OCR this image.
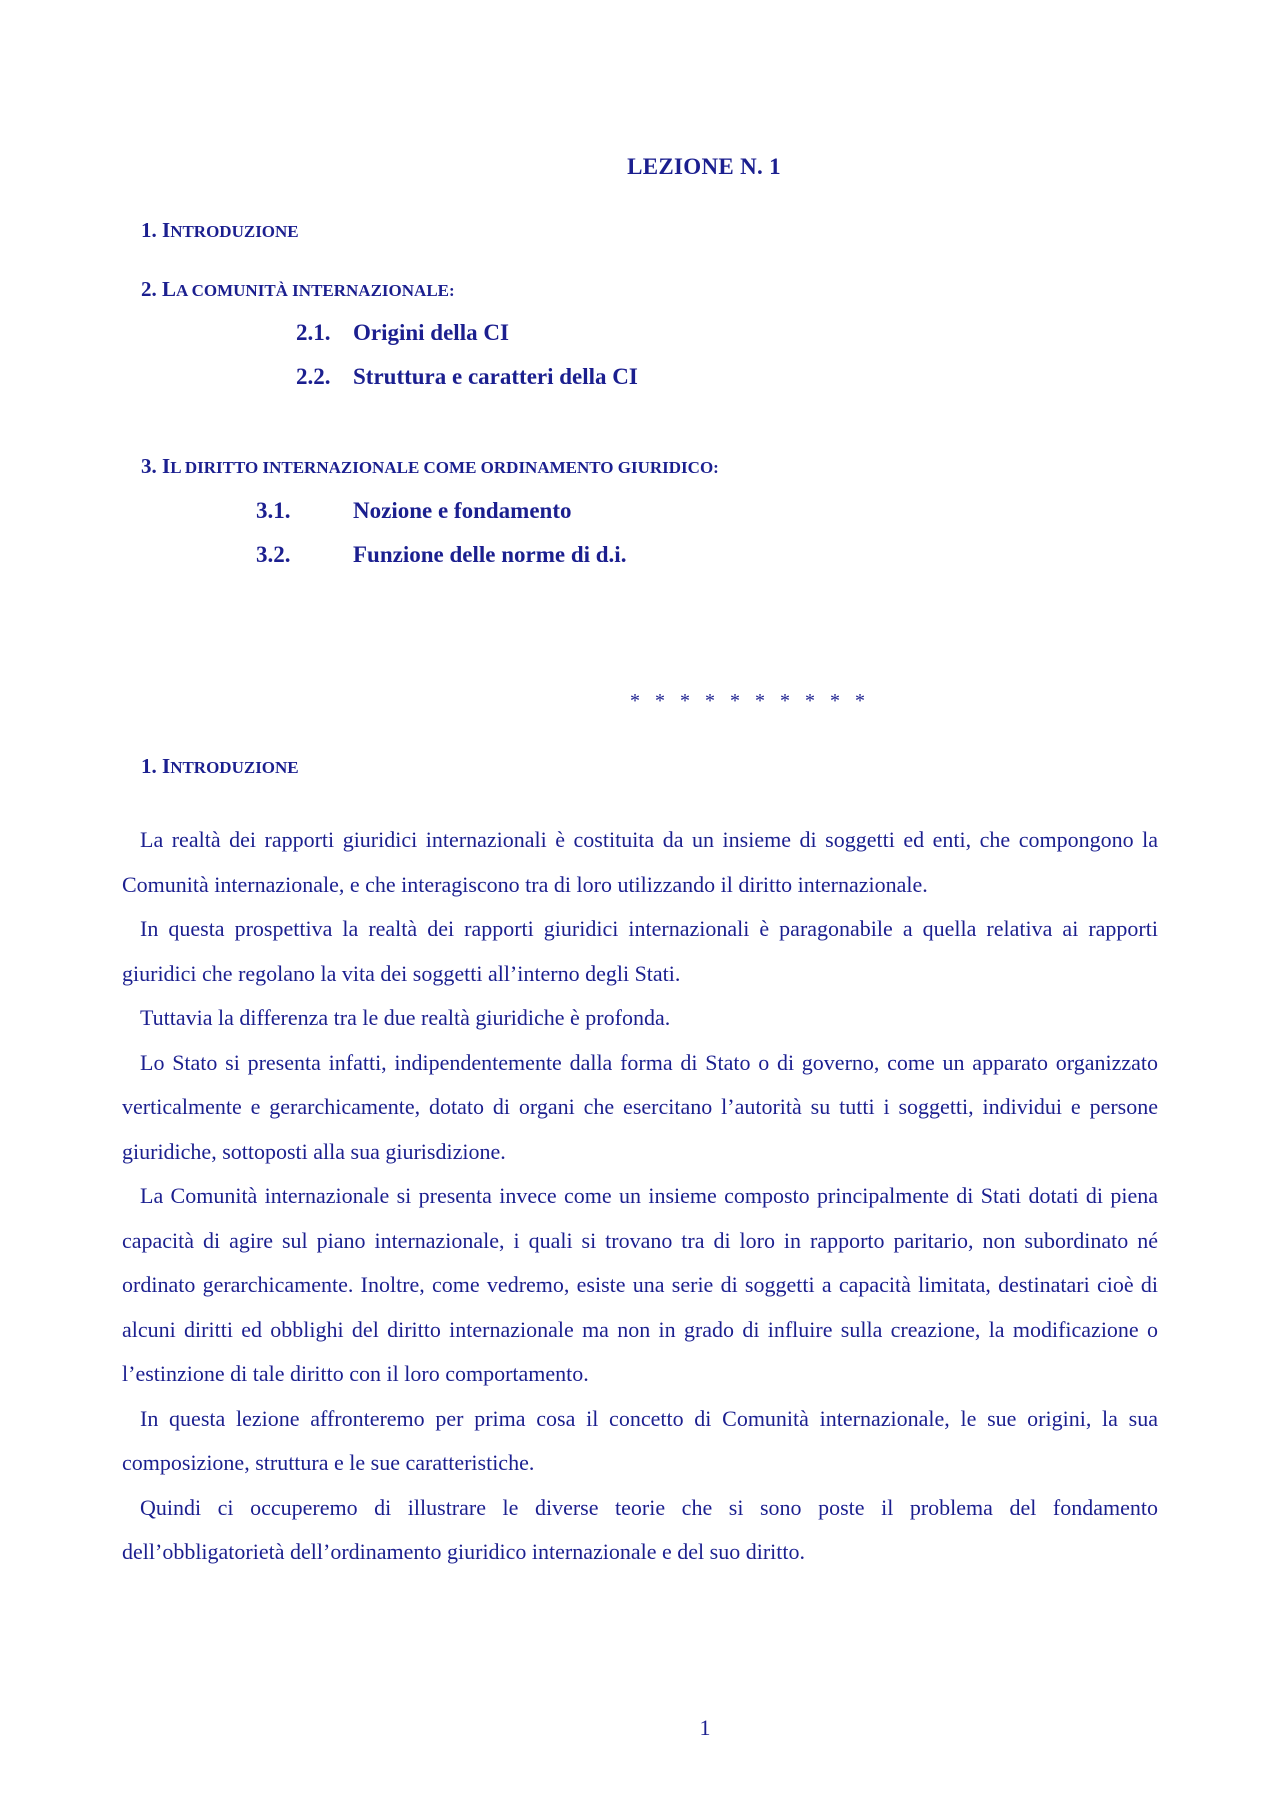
LEZIONE N. 1
1. INTRODUZIONE
2. LA COMUNITÀ INTERNAZIONALE:
2.1. Origini della CI
2.2. Struttura e caratteri della CI
3. IL DIRITTO INTERNAZIONALE COME ORDINAMENTO GIURIDICO:
3.1.	Nozione e fondamento
3.2.	Funzione delle norme di d.i.
* * * * * * * * * *
1. INTRODUZIONE

La realtà dei rapporti giuridici internazionali è costituita da un insieme di soggetti ed enti, che compongono la Comunità internazionale, e che interagiscono tra di loro utilizzando il diritto internazionale.

In questa prospettiva la realtà dei rapporti giuridici internazionali è paragonabile a quella relativa ai rapporti giuridici che regolano la vita dei soggetti all’interno degli Stati.

Tuttavia la differenza tra le due realtà giuridiche è profonda.

Lo Stato si presenta infatti, indipendentemente dalla forma di Stato o di governo, come un apparato organizzato verticalmente e gerarchicamente, dotato di organi che esercitano l’autorità su tutti i soggetti, individui e persone giuridiche, sottoposti alla sua giurisdizione.

La Comunità internazionale si presenta invece come un insieme composto principalmente di Stati dotati di piena capacità di agire sul piano internazionale, i quali si trovano tra di loro in rapporto paritario, non subordinato né ordinato gerarchicamente. Inoltre, come vedremo, esiste una serie di soggetti a capacità limitata, destinatari cioè di alcuni diritti ed obblighi del diritto internazionale ma non in grado di influire sulla creazione, la modificazione o l’estinzione di tale diritto con il loro comportamento.

In questa lezione affronteremo per prima cosa il concetto di Comunità internazionale, le sue origini, la sua composizione, struttura e le sue caratteristiche.

Quindi ci occuperemo di illustrare le diverse teorie che si sono poste il problema del fondamento dell’obbligatorietà dell’ordinamento giuridico internazionale e del suo diritto.

1
